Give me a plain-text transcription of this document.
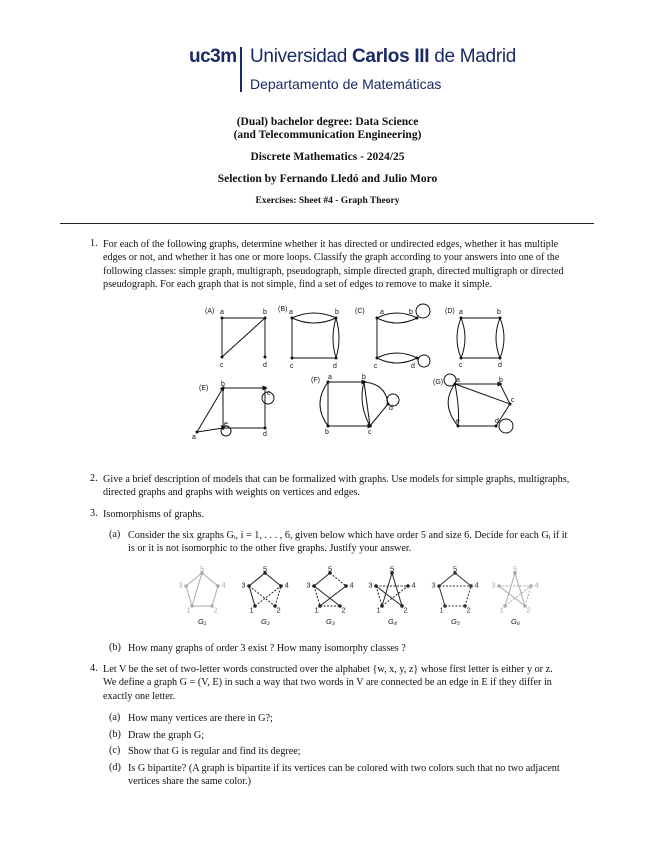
uc3m Universidad Carlos III de Madrid
Departamento de Matemáticas
(Dual) bachelor degree: Data Science
(and Telecommunication Engineering)
Discrete Mathematics - 2024/25
Selection by Fernando Lledó and Julio Moro
Exercises: Sheet #4 - Graph Theory
1. For each of the following graphs, determine whether it has directed or undirected edges, whether it has multiple
edges or not, and whether it has one or more loops. Classify the graph according to your answers into one of the
following classes: simple graph, multigraph, pseudograph, simple directed graph, directed multigraph or directed
pseudograph. For each graph that is not simple, find a set of edges to remove to make it simple.
(A)	(B)	(C)	(D)
(E)
(F)	(G)
a	b
c	d
a	b
c	d
a	b
c	d
a	b
c	d
b
c
e
d
a
a	b
d
b	c
a	b
c
e	d
2. Give a brief description of models that can be formalized with graphs. Use models for simple graphs, multigraphs,
directed graphs and graphs with weights on vertices and edges.
3. Isomorphisms of graphs.
(a) Consider the six graphs Gᵢ, i = 1, . . . , 6, given below which have order 5 and size 6. Decide for each Gᵢ if it
is or it is not isomorphic to the other five graphs. Justify your answer.
5
3
1	2
4
G₁
5
3
1	2
4
G₂
5
3
1	2
4
G₃
5
3
1	2
4
G₄
5
3
1	2
4
G₅
5
3
1	2
4
G₆
(b) How many graphs of order 3 exist ? How many isomorphy classes ?
4. Let V be the set of two-letter words constructed over the alphabet {w, x, y, z} whose first letter is either y or z.
We define a graph G = (V, E) in such a way that two words in V are connected be an edge in E if they differ in
exactly one letter.
(a) How many vertices are there in G?;
(b) Draw the graph G;
(c) Show that G is regular and find its degree;
(d) Is G bipartite? (A graph is bipartite if its vertices can be colored with two colors such that no two adjacent
vertices share the same color.)
